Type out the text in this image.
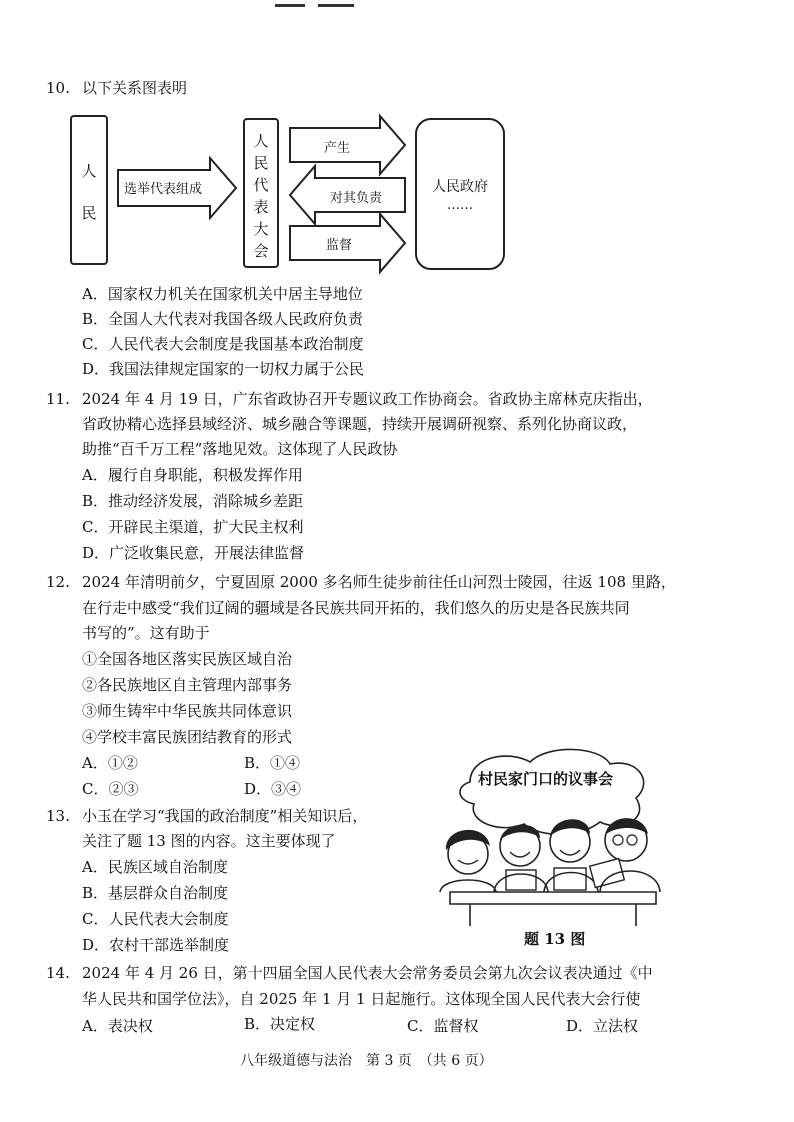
10. 以下关系图表明
人
民
选举代表组成
产生
对其负责
监督
人
民
代
表
大
会
人民政府
……
A．国家权力机关在国家机关中居主导地位
B．全国人大代表对我国各级人民政府负责
C．人民代表大会制度是我国基本政治制度
D．我国法律规定国家的一切权力属于公民
11. 2024 年 4 月 19 日，广东省政协召开专题议政工作协商会。省政协主席林克庆指出，
省政协精心选择县域经济、城乡融合等课题，持续开展调研视察、系列化协商议政，
助推“百千万工程”落地见效。这体现了人民政协
A．履行自身职能，积极发挥作用
B．推动经济发展，消除城乡差距
C．开辟民主渠道，扩大民主权利
D．广泛收集民意，开展法律监督
12. 2024 年清明前夕，宁夏固原 2000 多名师生徒步前往任山河烈士陵园，往返 108 里路，
在行走中感受“我们辽阔的疆域是各民族共同开拓的，我们悠久的历史是各民族共同
书写的”。这有助于
①全国各地区落实民族区域自治
②各民族地区自主管理内部事务
③师生铸牢中华民族共同体意识
④学校丰富民族团结教育的形式
A．①②	B．①④
C．②③	D．③④
13. 小玉在学习“我国的政治制度”相关知识后，
关注了题 13 图的内容。这主要体现了
A．民族区域自治制度
B．基层群众自治制度
C．人民代表大会制度
D．农村干部选举制度
村民家门口的议事会
题 13 图
14. 2024 年 4 月 26 日，第十四届全国人民代表大会常务委员会第九次会议表决通过《中
华人民共和国学位法》，自 2025 年 1 月 1 日起施行。这体现全国人民代表大会行使
A．表决权	B．决定权	C．监督权	D．立法权
八年级道德与法治　第 3 页　（共 6 页）
